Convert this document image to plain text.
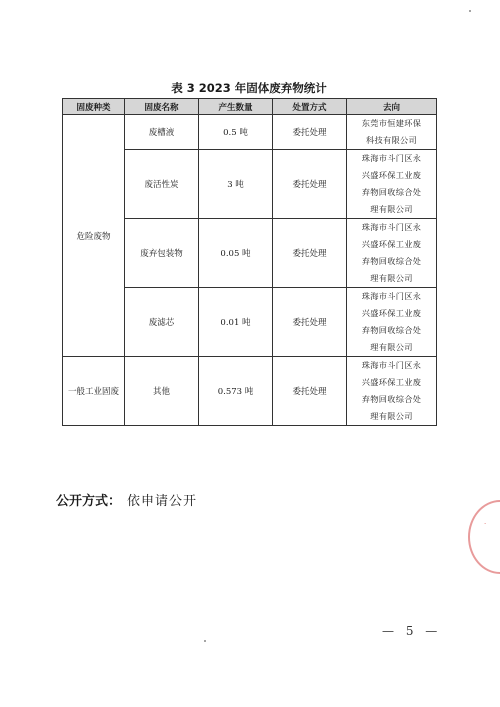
表 3 2023 年固体废弃物统计
固废种类	固废名称	产生数量	处置方式	去向
危险废物	废槽液	0.5 吨	委托处理	东莞市恒建环保
科技有限公司

	废活性炭	3 吨	委托处理	珠海市斗门区永
兴盛环保工业废
弃物回收综合处
理有限公司

	废弃包装物	0.05 吨	委托处理	珠海市斗门区永
兴盛环保工业废
弃物回收综合处
理有限公司

	废滤芯	0.01 吨	委托处理	珠海市斗门区永
兴盛环保工业废
弃物回收综合处
理有限公司

一般工业固废	其他	0.573 吨	委托处理	珠海市斗门区永
兴盛环保工业废
弃物回收综合处
理有限公司
公开方式： 依申请公开
— 5 —
·
